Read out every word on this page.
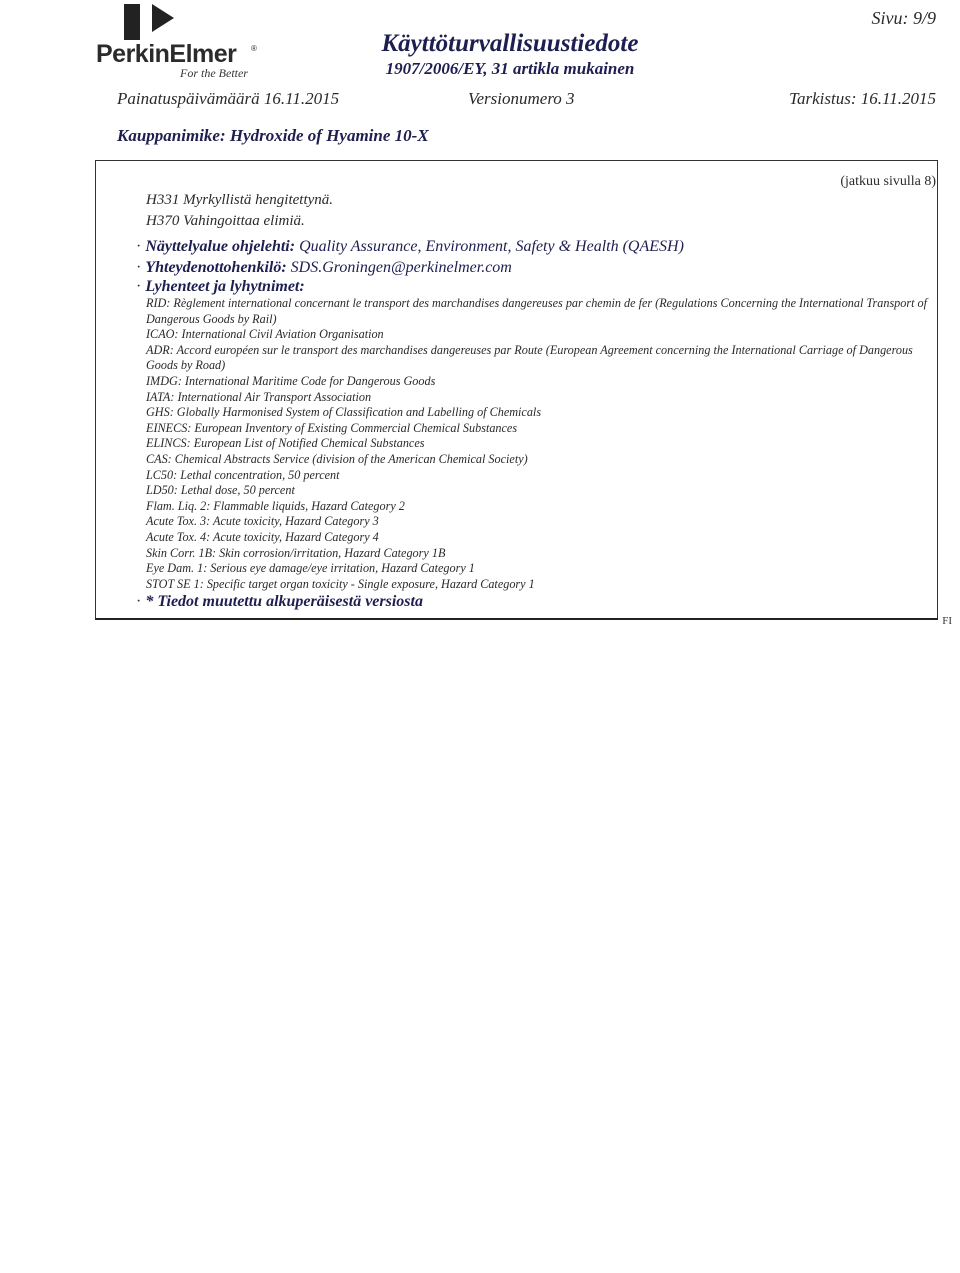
PerkinElmer ®
For the Better
Käyttöturvallisuustiedote
1907/2006/EY, 31 artikla mukainen
Sivu: 9/9
Painatuspäivämäärä 16.11.2015	Versionumero 3	Tarkistus: 16.11.2015
Kauppanimike: Hydroxide of Hyamine 10-X
(jatkuu sivulla 8)
H331 Myrkyllistä hengitettynä.
H370 Vahingoittaa elimiä.
· Näyttelyalue ohjelehti: Quality Assurance, Environment, Safety & Health (QAESH)
· Yhteydenottohenkilö: SDS.Groningen@perkinelmer.com
· Lyhenteet ja lyhytnimet:
RID: Règlement international concernant le transport des marchandises dangereuses par chemin de fer (Regulations Concerning the International Transport of Dangerous Goods by Rail)
ICAO: International Civil Aviation Organisation
ADR: Accord européen sur le transport des marchandises dangereuses par Route (European Agreement concerning the International Carriage of Dangerous Goods by Road)
IMDG: International Maritime Code for Dangerous Goods
IATA: International Air Transport Association
GHS: Globally Harmonised System of Classification and Labelling of Chemicals
EINECS: European Inventory of Existing Commercial Chemical Substances
ELINCS: European List of Notified Chemical Substances
CAS: Chemical Abstracts Service (division of the American Chemical Society)
LC50: Lethal concentration, 50 percent
LD50: Lethal dose, 50 percent
Flam. Liq. 2: Flammable liquids, Hazard Category 2
Acute Tox. 3: Acute toxicity, Hazard Category 3
Acute Tox. 4: Acute toxicity, Hazard Category 4
Skin Corr. 1B: Skin corrosion/irritation, Hazard Category 1B
Eye Dam. 1: Serious eye damage/eye irritation, Hazard Category 1
STOT SE 1: Specific target organ toxicity - Single exposure, Hazard Category 1
· * Tiedot muutettu alkuperäisestä versiosta
FI
